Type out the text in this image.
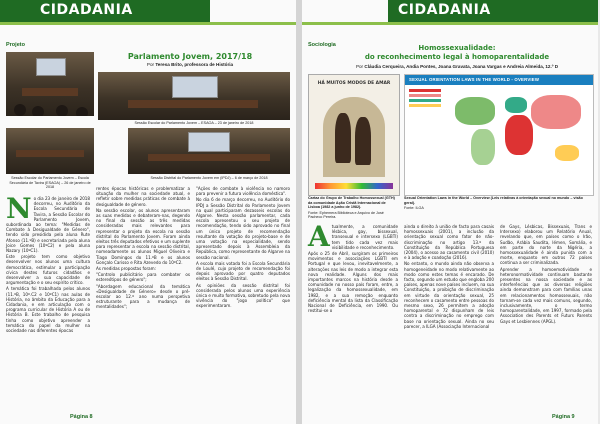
CIDADANIA
Projeto
Parlamento Jovem, 2017/18
Por Teresa Brito, professora de História
Sessão Escolar do Parlamento Jovem – ESAOA – 23 de janeiro de 2018
Sessão Escolar do Parlamento Jovem – Escola Secundária de Tavira (ESAOA) – 26 de janeiro de 2018
Sessão Distrital do Parlamento Jovem em (IPDJ) – 6 de março de 2018
N o dia 23 de janeiro de 2018 decorreu, no Auditório da Escola Secundária de Tavira, a Sessão Escolar do Parlamento Jovem, subordinada ao tema: "Medidas de Combate à Desigualdade de Género", tendo sido presidida pela aluna Rute Afonso (11.ºB) e secretariada pela aluna Joice Gomes (10ºC2) e pela aluna Nazary (10ºC1).

Este projeto tem como objetivo desenvolver nos alunos uma cultura democrática, estimular a participação cívica destes futuros cidadãos e desenvolver a sua capacidade de argumentação e o seu espírito crítico.

A temática foi trabalhada pelos alunos (11.ºB, 10º.C2 e 10ºC1) nas aulas de História, no âmbito da Educação para a Cidadania, e em articulação com o programa curricular de História A ou de História B. Este trabalho de pesquisa tinha como objetivo apreender a temática do papel da mulher na sociedade nas diferentes épocas

rentes épocas históricas e problematizar a situação da mulher na sociedade atual, e refletir sobre medidas práticas de combate à desigualdade de género.

Na sessão escolar, os alunos apresentaram as suas medidas e debateram-nas, degendo no final da sessão as três medidas consideradas mais relevantes para representar o projeto da escola na sessão distrital do Parlamento Jovem. Foram ainda eleitos três deputados efetivos e um suplente para representar a escola na sessão distrital, nomeadamente os alunos Miguel Oliveira e Tiago Domingos do 11.ºB e os alunos Gonçalo Carisso e Rita Azevedo do 10ºC2.

As medidas propostas foram:

"Controlo publicitário para combater os estereótipos de género";

"Abordagem educacional da temática «Desigualdade de Género» desde o pré-escolar ao 12.º ano numa perspetiva estruturante para a mudança de mentalidades";

"Ações de combate à violência no namoro para prevenir a futura violência doméstica".

No dia 6 de março decorreu, no Auditório do IPDJ a Sessão Distrital do Parlamento Jovem na qual participaram dezasseis escolas do Algarve. Nesta sessão parlamentar, cada escola apresentou o seu projeto de recomendação, tendo sido aprovado no final um único projeto de recomendação resultante da votação do projeto-base e de uma votação na especialidade, sendo apresentado depois à Assembleia da República, como representante do Algarve na sessão nacional.

A escola mais votada foi a Escola Secundária de Loulé, cujo projeto de recomendação foi depois aprovado por quatro deputados eleitos à Sessão Distrital.

As opiniões da sessão distrital foi considerada pelos alunos uma experiência única e muito formativa, sobretudo pela nova vivência do "jogo político" que experimentaram.

Página 8
CIDADANIA
Sociologia	Homossexualidade:
do reconhecimento legal à homoparentalidade
Por Cláudia Cerqueira, Andia Pontes, Joana Gravata, Joana Vargas e Andreia Almeida, 12.º D
HÁ MUITOS MODOS DE AMAR
SEXUAL ORIENTATION LAWS IN THE WORLD - OVERVIEW
Cartaz do Grupo de Trabalho Homossexual (GTH) da comunidade Ação Cristã Internacional de Lisboa (1982 a junho de 1982).
Fonte: Ephemera Biblioteca e Arquivo de José Pacheco Pereira.
Sexual Orientation Laws in the World – Overview (Leis relativas à orientação sexual no mundo – visão geral).
Fonte: ILGA
A tualmente, a comunidade lésbica, gay, bissexual, transexual e intersexo (LGBTI) tem tido cada vez mais visibilidade e reconhecimento.

Após o 25 de Abril, surgiram os primeiros movimentos e associações LGBTI em Portugal e que levou, inevitavelmente, a alterações nas leis de modo a integrar esta nova realidade. Alguns dos mais importantes marcos na história desde a comunidade no nosso país foram, entre, a legalização da homossexualidade, em 1982, e a sua remoção enquanto deficiência mental da lista da Classificação Nacional de Deficiência, em 1990. Ou restitui-se o

ainda o direito à união de facto para casais homossexuais (2001), a inclusão da orientação sexual como fator de não-discriminação no artigo 13.º da Constituição da República Portuguesa (2004), o acesso ao casamento civil (2010) e à adoção e coadoção (2016).

No entanto, o mundo ainda não observa a homogeneidade no modo relativamente ao modo como estes temas é encarado. De facto, segundo um estudo que engloba 200 países, apenas nove países incluem, na sua Constituição, a proibição de discriminação em virtude da orientação sexual, 25 reconhecem o casamento entre pessoas do mesmo sexo, 26 permitem a adoção homoparental e 72 dispunham de leis contra a discriminação no emprego com base na orientação sexual. Ainda no seu parecer, a ILGA (Associação Internacional

de Gays, Lésbicas, Bissexuais, Trans e Intersexo) elaborou um Relatório Anual, revelando que, em países como o Irão, Sudão, Arábia Saudita, Iémen, Somália, e em parte do norte da Nigéria, a homossexualidade é ainda punida com a morte, enquanto em outros 72 países continua a ser criminalizada.

Aprender a homoemotividade e heteronormatividade continuam bastante presentes na nossa sociedade e as interferências que as diversas religiões ainda demonstram para com famílias unas em relacionamentos homossexuais, não tornam-se cada vez mais comuns, segundo, inclusivamente, o termo homoparentalidade, em 1997, formado pela Association des Parents et Futurs Parents Gays et Lesbiennes (APGL).

Página 9
